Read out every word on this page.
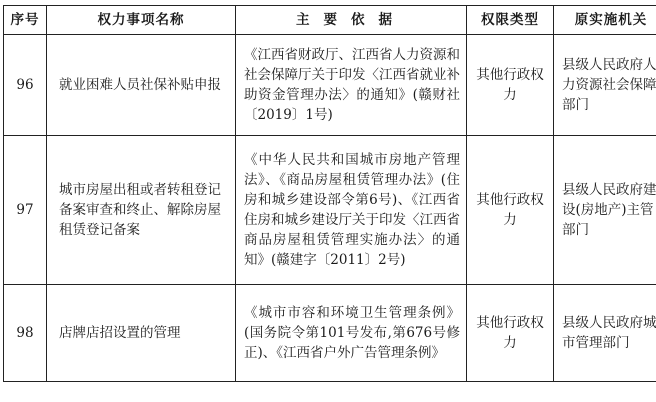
序号	权力事项名称	主要依据	权限类型	原实施机关
96	就业困难人员社保补贴申报	《江西省财政厅、江西省人力资源和社会保障厅关于印发〈江西省就业补助资金管理办法〉的通知》(赣财社〔2019〕1号)	其他行政权力	县级人民政府人力资源社会保障部门
97	城市房屋出租或者转租登记备案审查和终止、解除房屋租赁登记备案	《中华人民共和国城市房地产管理法》、《商品房屋租赁管理办法》(住房和城乡建设部令第6号)、《江西省住房和城乡建设厅关于印发〈江西省商品房屋租赁管理实施办法〉的通知》(赣建字〔2011〕2号)	其他行政权力	县级人民政府建设(房地产)主管部门
98	店牌店招设置的管理	《城市市容和环境卫生管理条例》(国务院令第101号发布,第676号修正)、《江西省户外广告管理条例》	其他行政权力	县级人民政府城市管理部门
